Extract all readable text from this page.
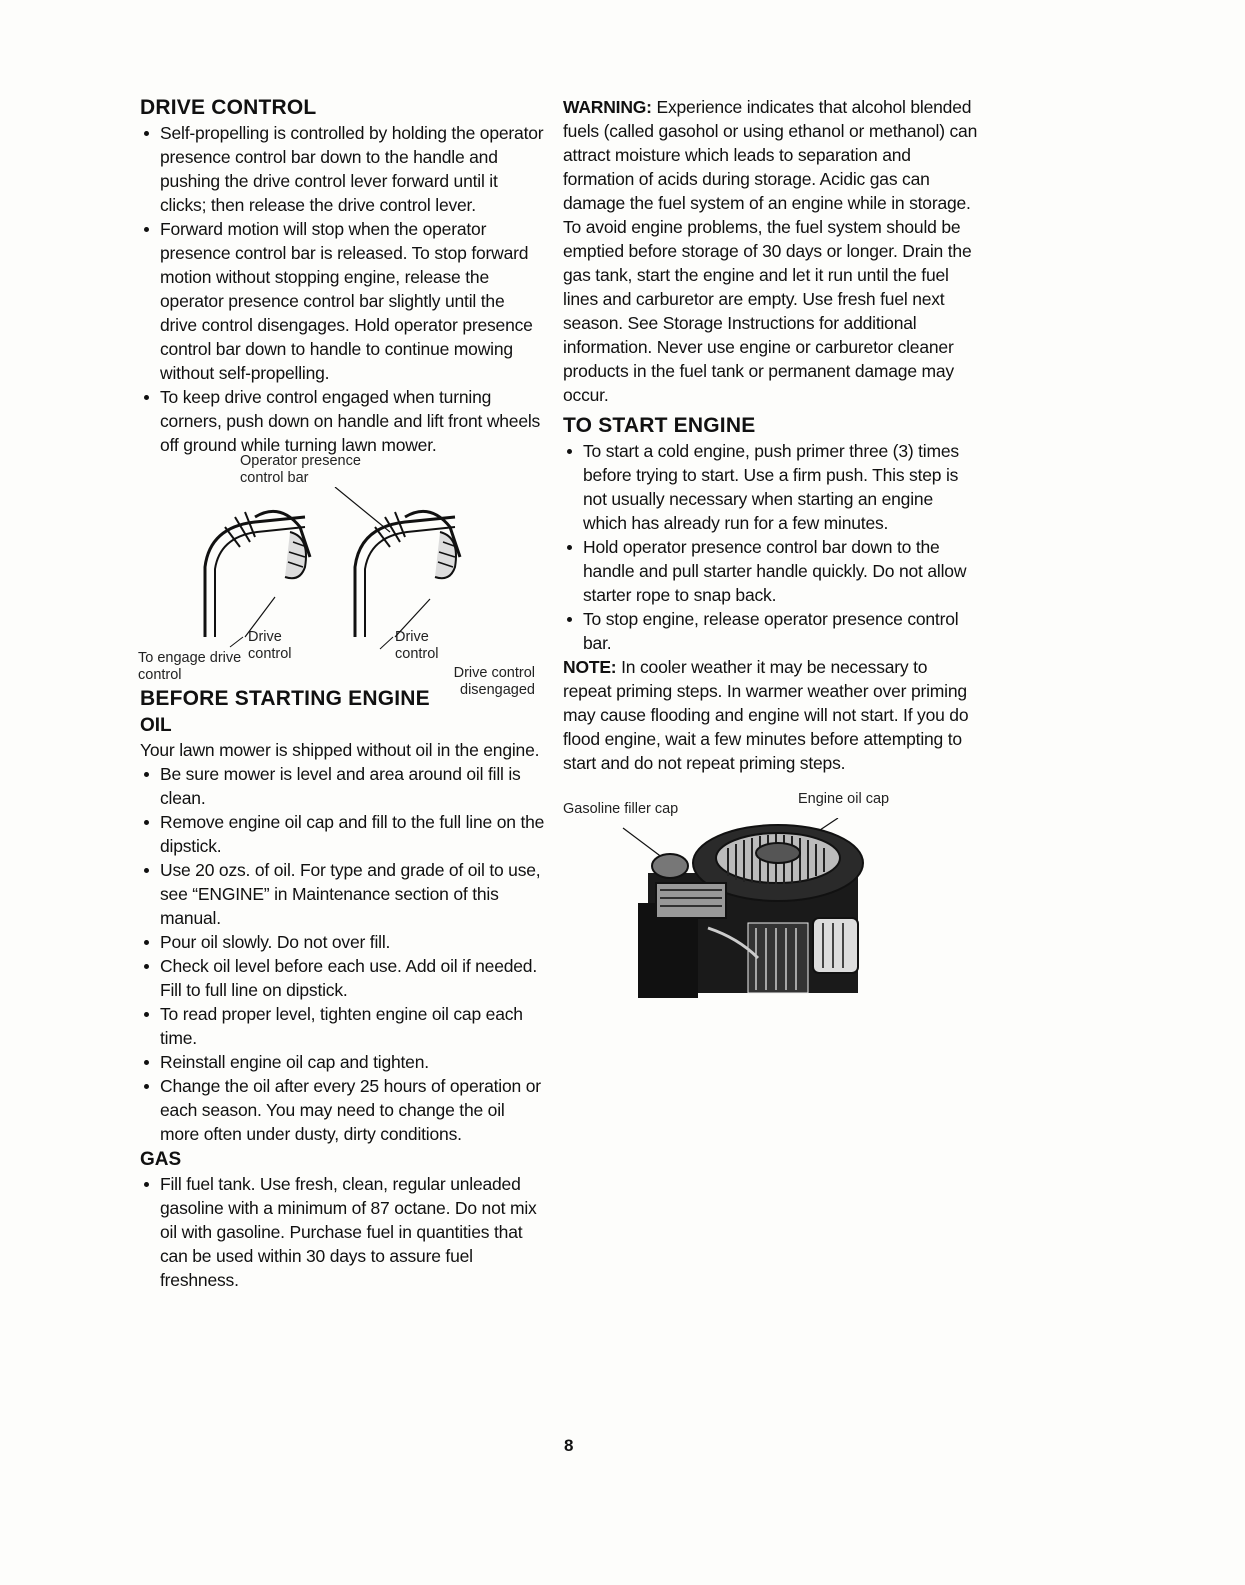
DRIVE CONTROL
Self-propelling is controlled by holding the operator presence control bar down to the handle and pushing the drive control lever forward until it clicks; then release the drive control lever.
Forward motion will stop when the operator presence control bar is released. To stop forward motion without stopping engine, release the operator presence control bar slightly until the drive control disengages. Hold operator presence control bar down to handle to continue mowing without self-propelling.
To keep drive control engaged when turning corners, push down on handle and lift front wheels off ground while turning lawn mower.
Operator presence control bar
Drive control
Drive control
To engage drive control	Drive control disengaged
BEFORE STARTING ENGINE
OIL

Your lawn mower is shipped without oil in the engine.

Be sure mower is level and area around oil fill is clean.
Remove engine oil cap and fill to the full line on the dipstick.
Use 20 ozs. of oil. For type and grade of oil to use, see “ENGINE” in Maintenance section of this manual.
Pour oil slowly. Do not over fill.
Check oil level before each use. Add oil if needed. Fill to full line on dipstick.
To read proper level, tighten engine oil cap each time.
Reinstall engine oil cap and tighten.
Change the oil after every 25 hours of operation or each season. You may need to change the oil more often under dusty, dirty conditions.
GAS
Fill fuel tank. Use fresh, clean, regular unleaded gasoline with a minimum of 87 octane. Do not mix oil with gasoline. Purchase fuel in quantities that can be used within 30 days to assure fuel freshness.

WARNING: Experience indicates that alcohol blended fuels (called gasohol or using ethanol or methanol) can attract moisture which leads to separation and formation of acids during storage. Acidic gas can damage the fuel system of an engine while in storage. To avoid engine problems, the fuel system should be emptied before storage of 30 days or longer. Drain the gas tank, start the engine and let it run until the fuel lines and carburetor are empty. Use fresh fuel next season. See Storage Instructions for additional information. Never use engine or carburetor cleaner products in the fuel tank or permanent damage may occur.

TO START ENGINE
To start a cold engine, push primer three (3) times before trying to start. Use a firm push. This step is not usually necessary when starting an engine which has already run for a few minutes.
Hold operator presence control bar down to the handle and pull starter handle quickly. Do not allow starter rope to snap back.
To stop engine, release operator presence control bar.

NOTE: In cooler weather it may be necessary to repeat priming steps. In warmer weather over priming may cause flooding and engine will not start. If you do flood engine, wait a few minutes before attempting to start and do not repeat priming steps.

Gasoline filler cap
Engine oil cap
8
